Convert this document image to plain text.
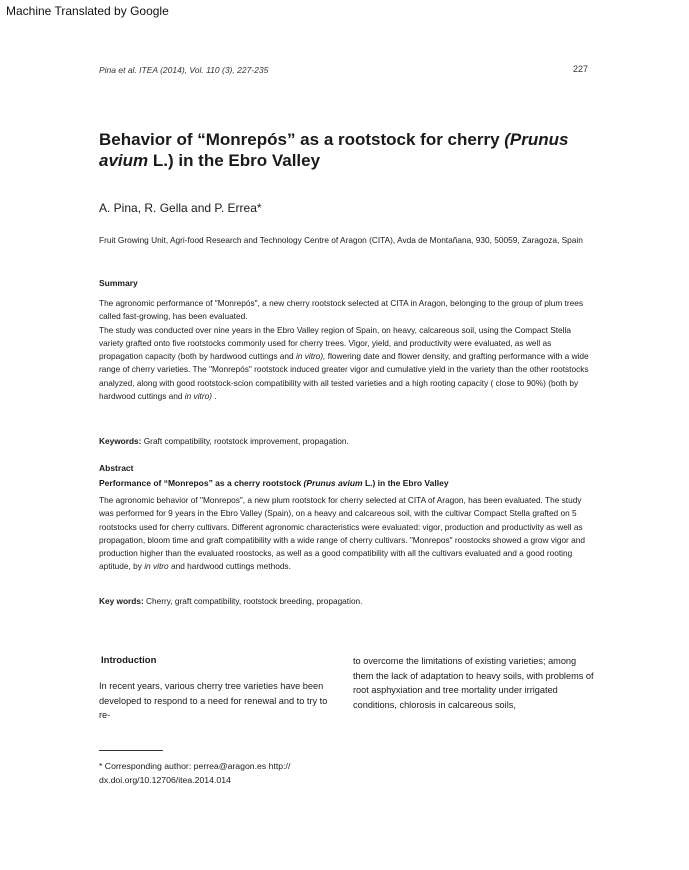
Machine Translated by Google
Pina et al. ITEA (2014), Vol. 110 (3), 227-235	227
Behavior of “Monrepós” as a rootstock for cherry (Prunus avium L.) in the Ebro Valley
A. Pina, R. Gella and P. Errea*
Fruit Growing Unit, Agri-food Research and Technology Centre of Aragon (CITA), Avda de Montañana, 930, 50059, Zaragoza, Spain
Summary

The agronomic performance of "Monrepós", a new cherry rootstock selected at CITA in Aragon, belonging to the group of plum trees called fast-growing, has been evaluated.

The study was conducted over nine years in the Ebro Valley region of Spain, on heavy, calcareous soil, using the Compact Stella variety grafted onto five rootstocks commonly used for cherry trees. Vigor, yield, and productivity were evaluated, as well as propagation capacity (both by hardwood cuttings and in vitro), flowering date and flower density, and grafting performance with a wide range of cherry varieties. The "Monrepós" rootstock induced greater vigor and cumulative yield in the variety than the other rootstocks analyzed, along with good rootstock-scion compatibility with all tested varieties and a high rooting capacity ( close to 90%) (both by hardwood cuttings and in vitro) .

Keywords: Graft compatibility, rootstock improvement, propagation.
Abstract
Performance of “Monrepos” as a cherry rootstock (Prunus avium L.) in the Ebro Valley
The agronomic behavior of "Monrepos", a new plum rootstock for cherry selected at CITA of Aragon, has been evaluated. The study was performed for 9 years in the Ebro Valley (Spain), on a heavy and calcareous soil, with the cultivar Compact Stella grafted on 5 rootstocks used for cherry cultivars. Different agronomic characteristics were evaluated: vigor, production and productivity as well as propagation, bloom time and graft compatibility with a wide range of cherry cultivars. "Monrepos" roostocks showed a grow vigor and production higher than the evaluated roostocks, as well as a good compatibility with all the cultivars evaluated and a good rooting aptitude, by in vitro and hardwood cuttings methods.
Key words: Cherry, graft compatibility, rootstock breeding, propagation.
Introduction
In recent years, various cherry tree varieties have been developed to respond to a need for renewal and to try to re-
to overcome the limitations of existing varieties; among them the lack of adaptation to heavy soils, with problems of root asphyxiation and tree mortality under irrigated conditions, chlorosis in calcareous soils,
* Corresponding author: perrea@aragon.es http:// dx.doi.org/10.12706/itea.2014.014
